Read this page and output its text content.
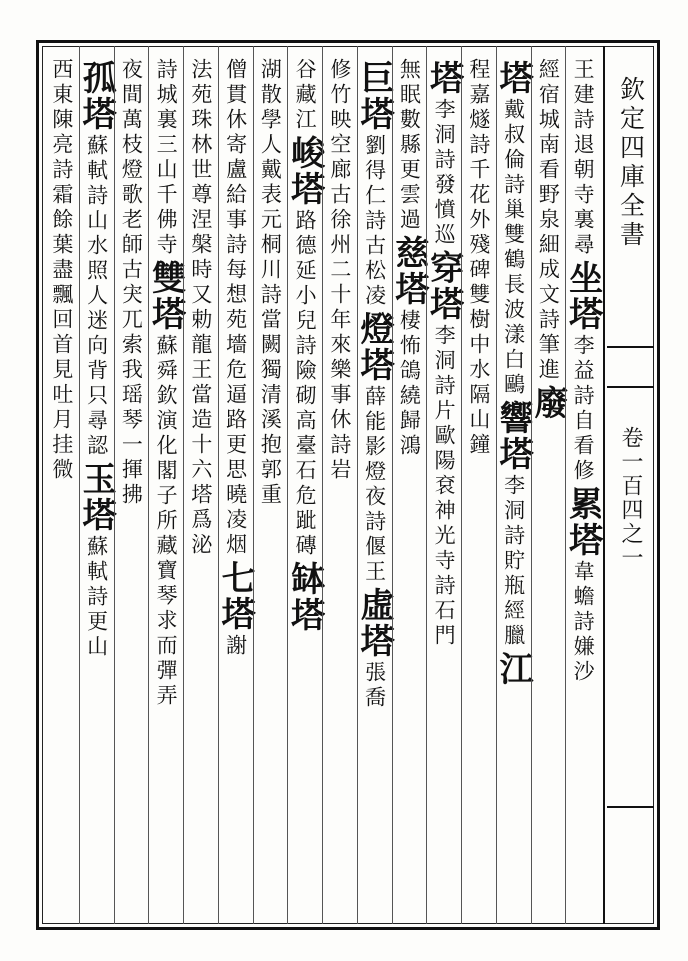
欽定四庫全書
卷一百四之一
王建詩退朝寺裏尋
坐塔
李益詩
自看修
累塔
韋蟾詩
嫌沙
經宿城南看野泉
細成文詩筆進
廢
塔
戴叔倫詩
巢雙鶴長波漾白鷗
響塔
李洞詩貯瓶經臘
江
程嘉燧詩
千花外殘碑雙樹中
水
隔山鐘
塔
李洞詩發憤巡
穿塔
李洞詩片
歐陽袞神光寺詩石門
無眠數縣更
雲
過
慈塔
棲怖鴿
繞歸鴻
巨塔
劉得仁詩古松凌
燈塔
薛能影燈夜詩偃王
虛塔
張喬
修竹映空廊
古徐州二十年來樂事休
詩岩
谷藏
江
峻塔
路德延小兒詩險砌高臺石危跐
磚
缽塔
湖散學人
戴表元桐川詩
當闕獨清溪抱郭重
僧貫休寄盧給事詩每想苑墻危逼路更思
曉凌烟
七塔
謝
法苑珠林世尊涅槃時又勅龍王當造十六塔爲
泌
詩城裏三山千佛寺
雙塔
蘇舜欽演化閣子所藏寶琴求而彈弄
夜間
萬枝燈
歌
老師古宊兀索我瑶琴一揮拂
孤塔
蘇軾詩山水照人迷向背只尋
認
玉塔
蘇軾詩
更山
西東陳亮詩霜餘葉盡飄回首見
吐月
挂微
